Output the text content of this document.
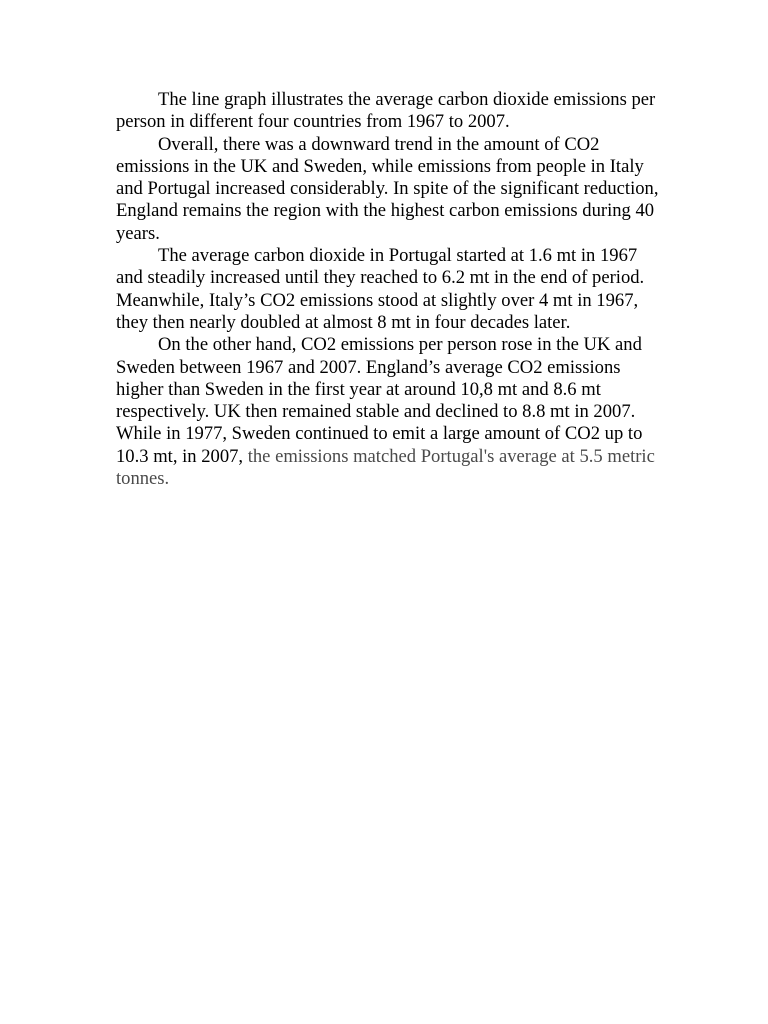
The line graph illustrates the average carbon dioxide emissions per person in different four countries from 1967 to 2007.

Overall, there was a downward trend in the amount of CO2 emissions in the UK and Sweden, while emissions from people in Italy and Portugal increased considerably. In spite of the significant reduction, England remains the region with the highest carbon emissions during 40 years.

The average carbon dioxide in Portugal started at 1.6 mt in 1967 and steadily increased until they reached to 6.2 mt in the end of period. Meanwhile, Italy’s CO2 emissions stood at slightly over 4 mt in 1967, they then nearly doubled at almost 8 mt in four decades later.

On the other hand, CO2 emissions per person rose in the UK and Sweden between 1967 and 2007. England’s average CO2 emissions higher than Sweden in the first year at around 10,8 mt and 8.6 mt respectively. UK then remained stable and declined to 8.8 mt in 2007. While in 1977, Sweden continued to emit a large amount of CO2 up to 10.3 mt, in 2007, the emissions matched Portugal's average at 5.5 metric tonnes.
